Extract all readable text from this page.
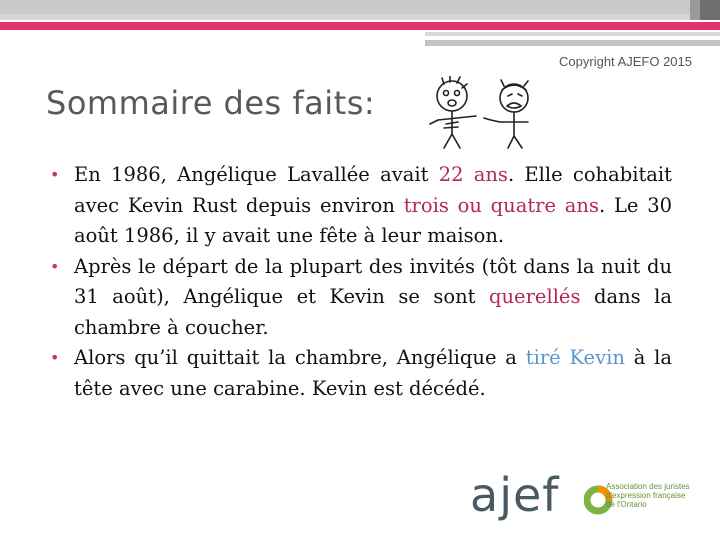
Copyright AJEFO 2015
Sommaire des faits:
• En 1986, Angélique Lavallée avait 22 ans. Elle cohabitait avec Kevin Rust depuis environ trois ou quatre ans. Le 30 août 1986, il y avait une fête à leur maison.
• Après le départ de la plupart des invités (tôt dans la nuit du 31 août), Angélique et Kevin se sont querellés dans la chambre à coucher.
• Alors qu’il quittait la chambre, Angélique a tiré Kevin à la tête avec une carabine. Kevin est décédé.
ajef	Association des juristes
d'expression française
de l'Ontario
